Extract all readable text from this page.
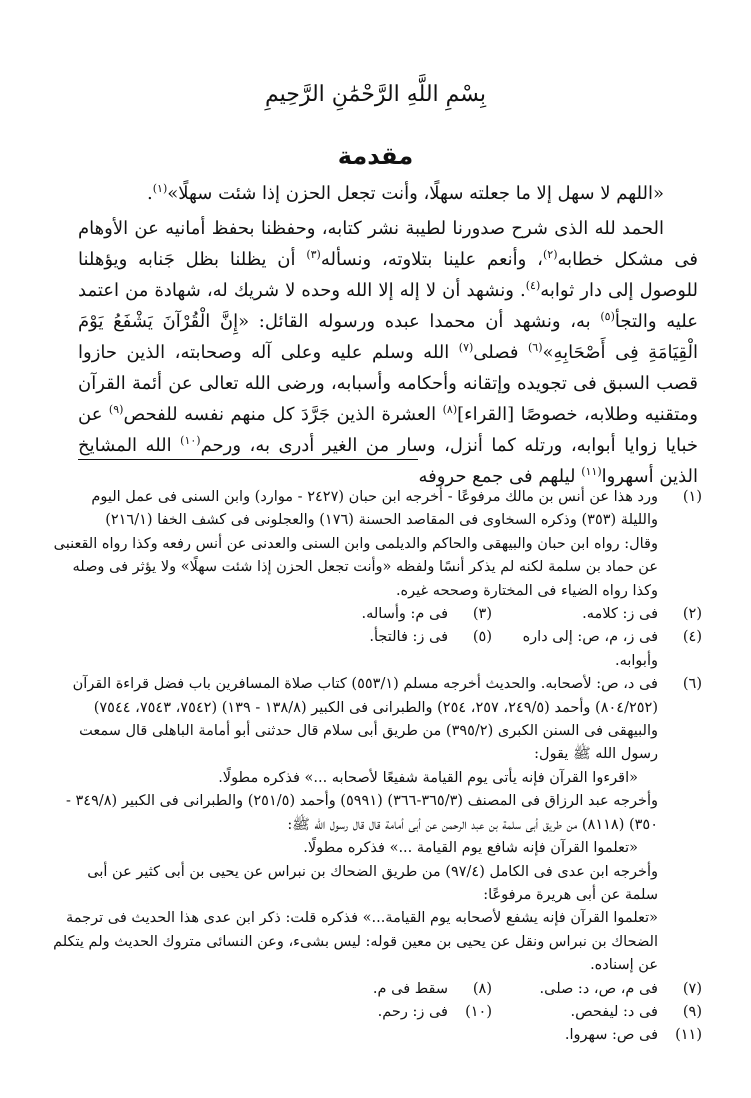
بِسْمِ اللَّهِ الرَّحْمَٰنِ الرَّحِيمِ
مقدمة

«اللهم لا سهل إلا ما جعلته سهلًا، وأنت تجعل الحزن إذا شئت سهلًا»$^{(١)}$.

الحمد لله الذى شرح صدورنا لطيبة نشر كتابه، وحفظنا بحفظ أمانيه عن الأوهام فى مشكل خطابه$^{(٢)}$، وأنعم علينا بتلاوته، ونسأله$^{(٣)}$ أن يظلنا بظل جَنابه ويؤهلنا للوصول إلى دار ثوابه$^{(٤)}$. ونشهد أن لا إله إلا الله وحده لا شريك له، شهادة من اعتمد عليه والتجأ$^{(٥)}$ به، ونشهد أن محمدا عبده ورسوله القائل: «إِنَّ الْقُرْآنَ يَشْفَعُ يَوْمَ الْقِيَامَةِ فِى أَصْحَابِهِ»$^{(٦)}$ فصلى$^{(٧)}$ الله وسلم عليه وعلى آله وصحابته، الذين حازوا قصب السبق فى تجويده وإتقانه وأحكامه وأسبابه، ورضى الله تعالى عن أئمة القرآن ومتقنيه وطلابه، خصوصًا [القراء]$^{(٨)}$ العشرة الذين جَرَّدَ كل منهم نفسه للفحص$^{(٩)}$ عن خبايا زوايا أبوابه، ورتله كما أنزل، وسار من الغير أدرى به، ورحم$^{(١٠)}$ الله المشايخ الذين أسهروا$^{(١١)}$ ليلهم فى جمع حروفه

(١)
ورد هذا عن أنس بن مالك مرفوعًا - أخرجه ابن حبان (٢٤٢٧ - موارد) وابن السنى فى عمل اليوم والليلة (٣٥٣) وذكره السخاوى فى المقاصد الحسنة (١٧٦) والعجلونى فى كشف الخفا (٢١٦/١)
وقال: رواه ابن حبان والبيهقى والحاكم والديلمى وابن السنى والعدنى عن أنس رفعه وكذا رواه القعنبى عن حماد بن سلمة لكنه لم يذكر أنسًا ولفظه «وأنت تجعل الحزن إذا شئت سهلًا» ولا يؤثر فى وصله وكذا رواه الضياء فى المختارة وصححه غيره.
(٢)
فى ز: كلامه.
(٣)
فى م: وأساله.
(٤)
فى ز، م، ص: إلى داره وأبوابه.
(٥)
فى ز: فالتجأ.
(٦)
فى د، ص: لأصحابه. والحديث أخرجه مسلم (٥٥٣/١) كتاب صلاة المسافرين باب فضل قراءة القرآن (٨٠٤/٢٥٢) وأحمد (٢٤٩/٥، ٢٥٧، ٢٥٤) والطبرانى فى الكبير (١٣٨/٨ - ١٣٩) (٧٥٤٢، ٧٥٤٣، ٧٥٤٤) والبيهقى فى السنن الكبرى (٣٩٥/٢) من طريق أبى سلام قال حدثنى أبو أمامة الباهلى قال سمعت رسول الله ﷺ يقول:
«اقرءوا القرآن فإنه يأتى يوم القيامة شفيعًا لأصحابه ...» فذكره مطولًا.
وأخرجه عبد الرزاق فى المصنف (٣٦٥/٣-٣٦٦) (٥٩٩١) وأحمد (٢٥١/٥) والطبرانى فى الكبير (٣٤٩/٨ - ٣٥٠) (٨١١٨) من طريق أبى سلمة بن عبد الرحمن عن أبى أمامة قال قال رسول الله ﷺ:
«تعلموا القرآن فإنه شافع يوم القيامة ...» فذكره مطولًا.
وأخرجه ابن عدى فى الكامل (٩٧/٤) من طريق الضحاك بن نبراس عن يحيى بن أبى كثير عن أبى سلمة عن أبى هريرة مرفوعًا:
«تعلموا القرآن فإنه يشفع لأصحابه يوم القيامة...» فذكره قلت: ذكر ابن عدى هذا الحديث فى ترجمة الضحاك بن نبراس ونقل عن يحيى بن معين قوله: ليس بشىء، وعن النسائى متروك الحديث ولم يتكلم عن إسناده.
(٧)
فى م، ص، د: صلى.
(٨)
سقط فى م.
(٩)
فى د: ليفحص.
(١٠)
فى ز: رحم.
(١١)
فى ص: سهروا.
